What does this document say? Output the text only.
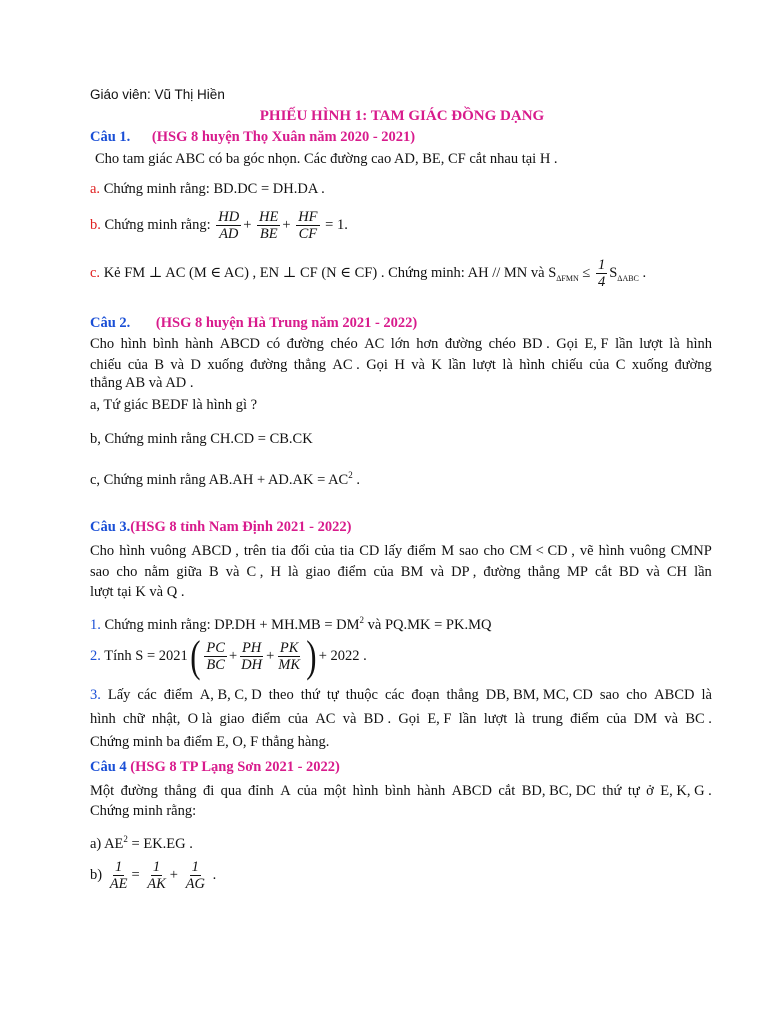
Giáo viên: Vũ Thị Hiền
PHIẾU HÌNH 1: TAM GIÁC ĐỒNG DẠNG
Câu 1. (HSG 8 huyện Thọ Xuân năm 2020 - 2021)
Cho tam giác ABC có ba góc nhọn. Các đường cao AD, BE, CF cắt nhau tại H .
a. Chứng minh rằng: BD.DC = DH.DA .
b. Chứng minh rằng: $\frac{HD}{AD} + \frac{HE}{BE} + \frac{HF}{CF} = 1$.
c. Kẻ FM ⊥ AC (M ∈ AC) , EN ⊥ CF (N ∈ CF) . Chứng minh: AH // MN và $S_{\Delta FMN} \le \frac{1}{4} S_{\Delta ABC}$ .
Câu 2. (HSG 8 huyện Hà Trung năm 2021 - 2022)
Cho hình bình hành ABCD có đường chéo AC lớn hơn đường chéo BD . Gọi E, F lần lượt là hình
chiếu của B và D xuống đường thẳng AC . Gọi H và K lần lượt là hình chiếu của C xuống đường
thẳng AB và AD .
a, Tứ giác BEDF là hình gì ?
b, Chứng minh rằng CH.CD = CB.CK
c, Chứng minh rằng $AB.AH + AD.AK = AC^2$ .
Câu 3.(HSG 8 tỉnh Nam Định 2021 - 2022)
Cho hình vuông ABCD , trên tia đối của tia CD lấy điểm M sao cho CM < CD , vẽ hình vuông CMNP
sao cho nằm giữa B và C , H là giao điểm của BM và DP , đường thẳng MP cắt BD và CH lần
lượt tại K và Q .
1. Chứng minh rằng: $DP.DH + MH.MB = DM^2$ và PQ.MK = PK.MQ
2. Tính $S = 2021( \frac{PC}{BC} + \frac{PH}{DH} + \frac{PK}{MK}$ ) + 2022 .
3. Lấy các điểm A, B, C, D theo thứ tự thuộc các đoạn thẳng DB, BM, MC, CD sao cho ABCD là
hình chữ nhật, O là giao điểm của AC và BD . Gọi E, F lần lượt là trung điểm của DM và BC .
Chứng minh ba điểm E, O, F thẳng hàng.
Câu 4 (HSG 8 TP Lạng Sơn 2021 - 2022)
Một đường thẳng đi qua đỉnh A của một hình bình hành ABCD cắt BD, BC, DC thứ tự ở E, K, G .
Chứng minh rằng:
a) $AE^2 = EK.EG$ .
$b) \frac{1}{AE} = \frac{1}{AK} + \frac{1}{AG}$ .
